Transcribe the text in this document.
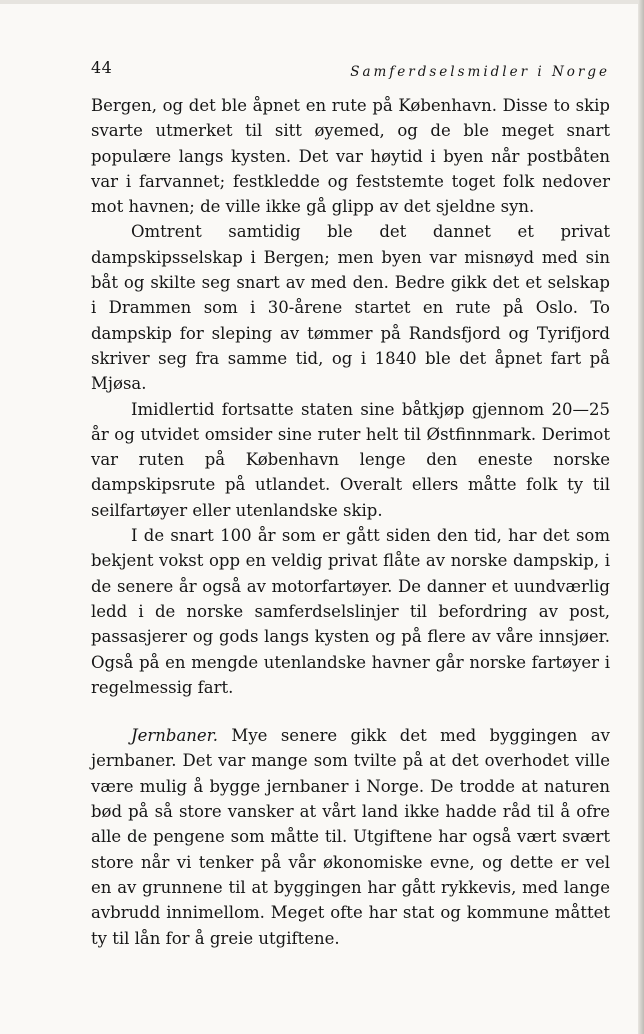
44	Samferdselsmidler i Norge

Bergen, og det ble åpnet en rute på København. Disse to skip svarte utmerket til sitt øyemed, og de ble meget snart populære langs kysten. Det var høytid i byen når postbåten var i farvannet; festkledde og feststemte toget folk nedover mot havnen; de ville ikke gå glipp av det sjeldne syn.

Omtrent samtidig ble det dannet et privat dampskipsselskap i Bergen; men byen var misnøyd med sin båt og skilte seg snart av med den. Bedre gikk det et selskap i Drammen som i 30-årene startet en rute på Oslo. To dampskip for sleping av tømmer på Randsfjord og Tyrifjord skriver seg fra samme tid, og i 1840 ble det åpnet fart på Mjøsa.

Imidlertid fortsatte staten sine båtkjøp gjennom 20—25 år og utvidet omsider sine ruter helt til Østfinnmark. Derimot var ruten på København lenge den eneste norske dampskipsrute på utlandet. Overalt ellers måtte folk ty til seilfartøyer eller utenlandske skip.

I de snart 100 år som er gått siden den tid, har det som bekjent vokst opp en veldig privat flåte av norske dampskip, i de senere år også av motorfartøyer. De danner et uundværlig ledd i de norske samferdselslinjer til befordring av post, passasjerer og gods langs kysten og på flere av våre innsjøer. Også på en mengde utenlandske havner går norske fartøyer i regelmessig fart.

Jernbaner. Mye senere gikk det med byggingen av jernbaner. Det var mange som tvilte på at det overhodet ville være mulig å bygge jernbaner i Norge. De trodde at naturen bød på så store vansker at vårt land ikke hadde råd til å ofre alle de pengene som måtte til. Utgiftene har også vært svært store når vi tenker på vår økonomiske evne, og dette er vel en av grunnene til at byggingen har gått rykkevis, med lange avbrudd innimellom. Meget ofte har stat og kommune måttet ty til lån for å greie utgiftene.
